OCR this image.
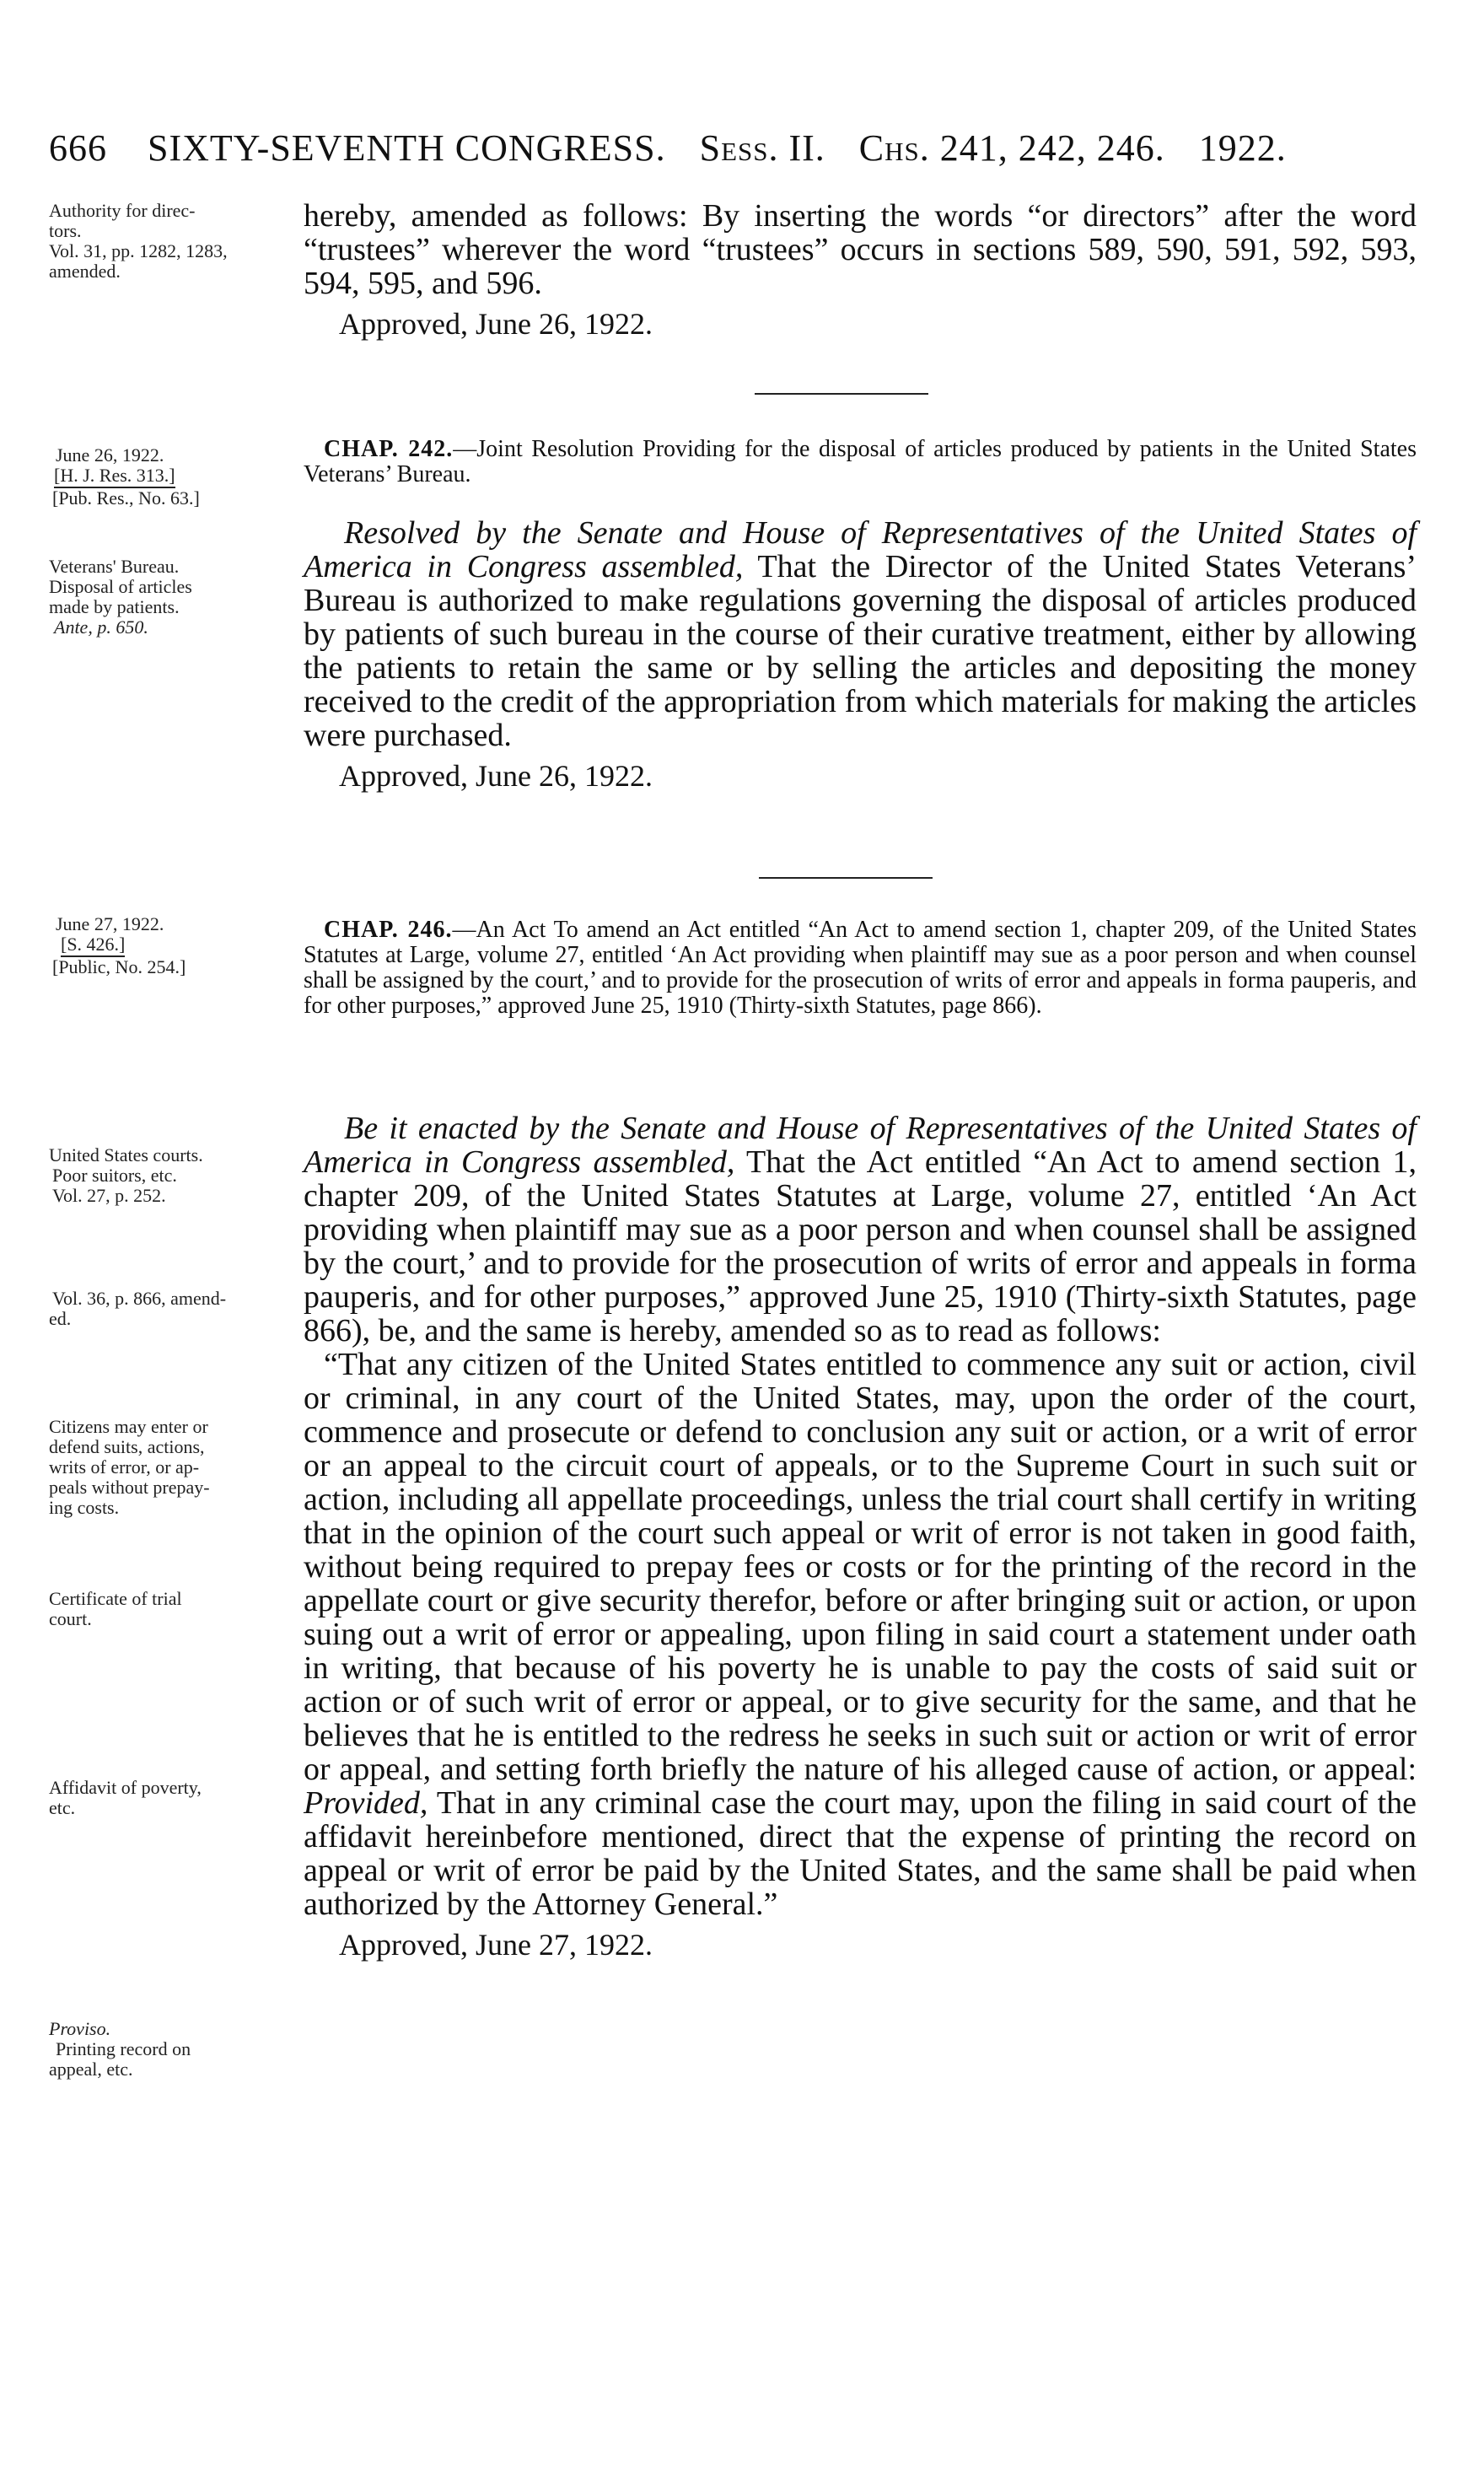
666 SIXTY-SEVENTH CONGRESS. Sess. II. Chs. 241, 242, 246. 1922.
Authority for direc-
tors.
Vol. 31, pp. 1282, 1283,
amended.
hereby, amended as follows: By inserting the words “or directors” after the word “trustees” wherever the word “trustees” occurs in sections 589, 590, 591, 592, 593, 594, 595, and 596.
Approved, June 26, 1922.
June 26, 1922.
[H. J. Res. 313.]
[Pub. Res., No. 63.]
CHAP. 242.—Joint Resolution Providing for the disposal of articles produced by patients in the United States Veterans’ Bureau.
Veterans' Bureau.
Disposal of articles
made by patients.
Ante, p. 650.

Resolved by the Senate and House of Representatives of the United States of America in Congress assembled, That the Director of the United States Veterans’ Bureau is authorized to make regulations governing the disposal of articles produced by patients of such bureau in the course of their curative treatment, either by allowing the patients to retain the same or by selling the articles and depositing the money received to the credit of the appropriation from which materials for making the articles were purchased.

Approved, June 26, 1922.
June 27, 1922.
[S. 426.]
[Public, No. 254.]
CHAP. 246.—An Act To amend an Act entitled “An Act to amend section 1, chapter 209, of the United States Statutes at Large, volume 27, entitled ‘An Act providing when plaintiff may sue as a poor person and when counsel shall be assigned by the court,’ and to provide for the prosecution of writs of error and appeals in forma pauperis, and for other purposes,” approved June 25, 1910 (Thirty-sixth Statutes, page 866).
United States courts.
Poor suitors, etc.
Vol. 27, p. 252.
Vol. 36, p. 866, amend-
ed.
Citizens may enter or
defend suits, actions,
writs of error, or ap-
peals without prepay-
ing costs.
Certificate of trial
court.
Affidavit of poverty,
etc.
Proviso.
Printing record on
appeal, etc.

Be it enacted by the Senate and House of Representatives of the United States of America in Congress assembled, That the Act entitled “An Act to amend section 1, chapter 209, of the United States Statutes at Large, volume 27, entitled ‘An Act providing when plaintiff may sue as a poor person and when counsel shall be assigned by the court,’ and to provide for the prosecution of writs of error and appeals in forma pauperis, and for other purposes,” approved June 25, 1910 (Thirty-sixth Statutes, page 866), be, and the same is hereby, amended so as to read as follows:

“That any citizen of the United States entitled to commence any suit or action, civil or criminal, in any court of the United States, may, upon the order of the court, commence and prosecute or defend to conclusion any suit or action, or a writ of error or an appeal to the circuit court of appeals, or to the Supreme Court in such suit or action, including all appellate proceedings, unless the trial court shall certify in writing that in the opinion of the court such appeal or writ of error is not taken in good faith, without being required to prepay fees or costs or for the printing of the record in the appellate court or give security therefor, before or after bringing suit or action, or upon suing out a writ of error or appealing, upon filing in said court a statement under oath in writing, that because of his poverty he is unable to pay the costs of said suit or action or of such writ of error or appeal, or to give security for the same, and that he believes that he is entitled to the redress he seeks in such suit or action or writ of error or appeal, and setting forth briefly the nature of his alleged cause of action, or appeal: Provided, That in any criminal case the court may, upon the filing in said court of the affidavit hereinbefore mentioned, direct that the expense of printing the record on appeal or writ of error be paid by the United States, and the same shall be paid when authorized by the Attorney General.”

Approved, June 27, 1922.
